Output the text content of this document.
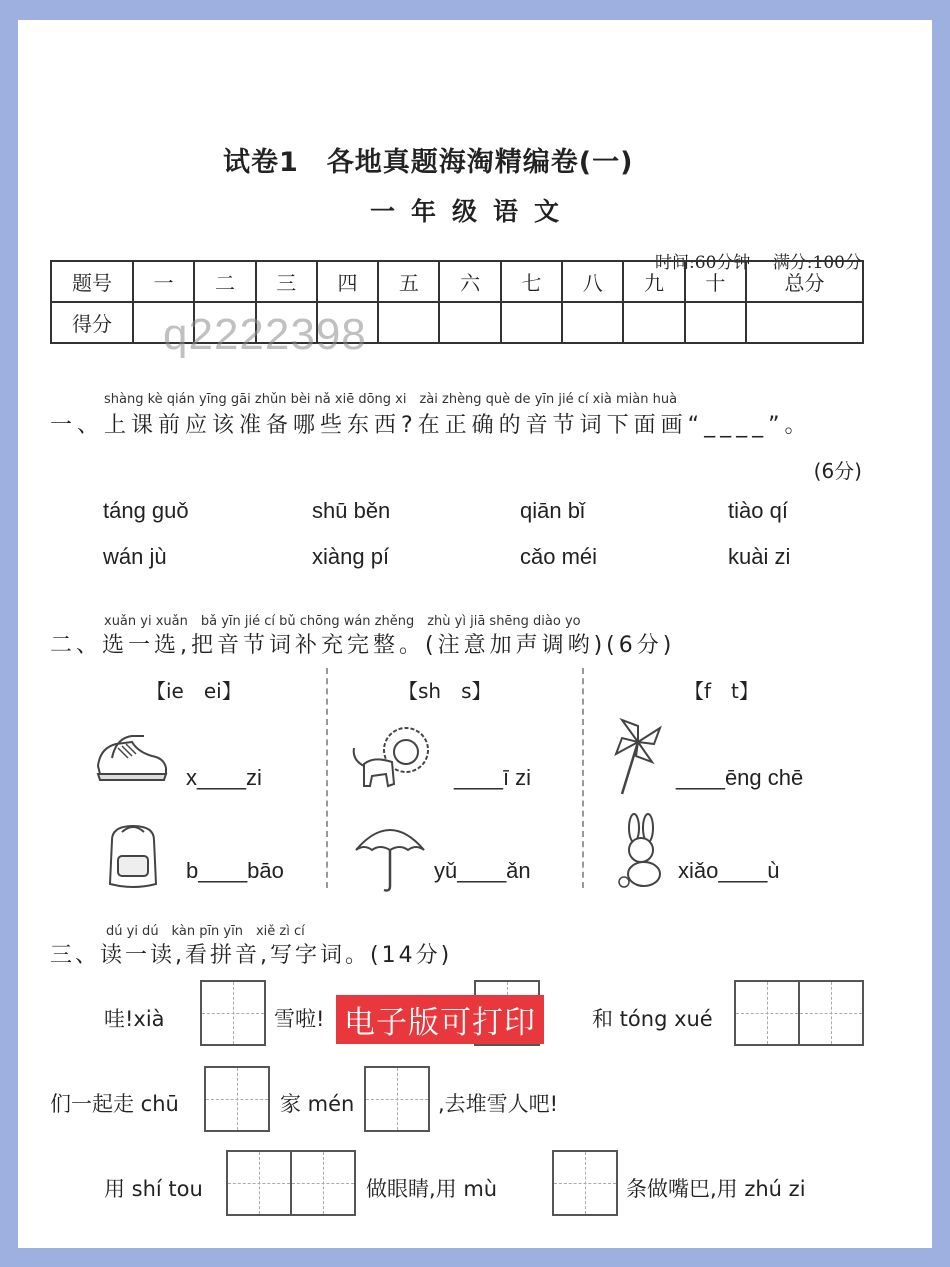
试卷1　各地真题海淘精编卷(一)
一年级语文
时间:60分钟　 满分:100分
题号	一	二	三	四	五	六	七	八	九	十	总分
得分											q2222398
shàng kè qián yīng gāi zhǔn bèi nǎ xiē dōng xi　zài zhèng què de yīn jié cí xià miàn huà
一、上课前应该准备哪些东西?在正确的音节词下面画“____”。
(6分)
táng guǒ	shū běn	qiān bǐ	tiào qí
wán jù	xiàng pí	cǎo méi	kuài zi
xuǎn yi xuǎn　bǎ yīn jié cí bǔ chōng wán zhěng　zhù yì jiā shēng diào yo
二、选一选,把音节词补充完整。(注意加声调哟)(6分)
【ie　ei】	【sh　s】	【f　t】
x____zi
b____bāo
____ī zi
yǔ____ǎn
____ēng chē
xiǎo____ù
dú yi dú　kàn pīn yīn　xiě zì cí
三、读一读,看拼音,写字词。(14分)
哇!xià	雪啦!	和 tóng xué
们一起走 chū	家 mén	,去堆雪人吧!
用 shí tou	做眼睛,用 mù	条做嘴巴,用 zhú zi
电子版可打印
